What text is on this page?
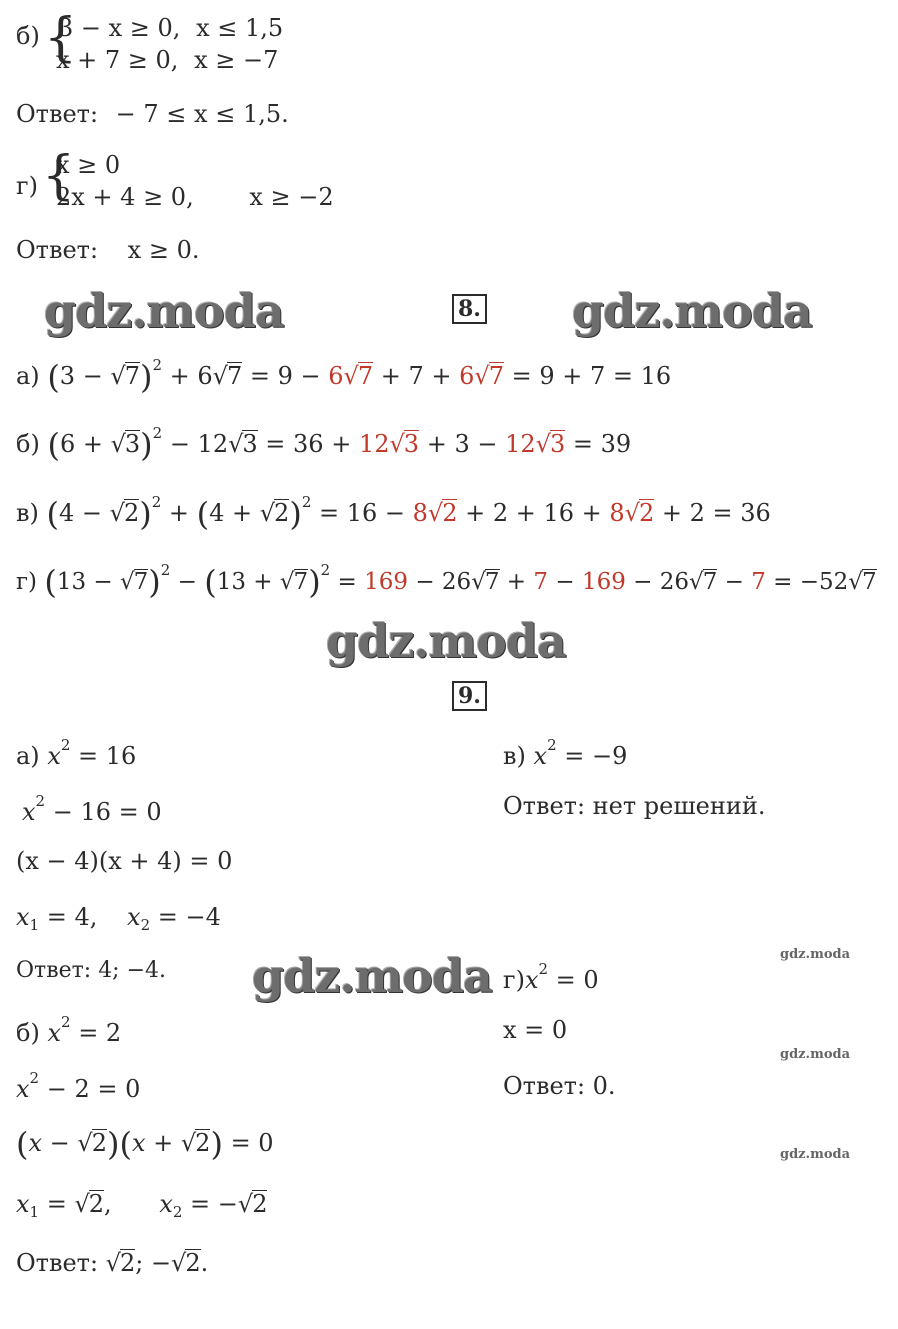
б) {
3 − x ≥ 0, x ≤ 1,5
x + 7 ≥ 0, x ≥ −7
Ответ: − 7 ≤ x ≤ 1,5.
г) {
x ≥ 0
2x + 4 ≥ 0, x ≥ −2
Ответ: x ≥ 0.
gdz.moda	8. gdz.moda
а) $(3 - √7)^2 + 6√7 = 9 - 6√7 + 7 + 6√7 = 9 + 7 = 16$
б) $(6 + √3)^2 - 12√3 = 36 + 12√3 + 3 - 12√3 = 39$
в) $(4 - √2)^2 + (4 + √2)^2 = 16 - 8√2 + 2 + 16 + 8√2 + 2 = 36$
г) $(13 - √7)^2 - (13 + √7)^2 = 169 - 26√7 + 7 - 169 - 26√7 - 7 = -52√7$
gdz.moda
9.
а) $x^2 = 16$
$x^2 - 16 = 0$
(x − 4)(x + 4) = 0
$x_1 = 4$, $x_2 = -4$
Ответ: 4; −4. gdz.moda
б) $x^2 = 2$
$x^2 - 2 = 0$
(x − √2)(x + √2) = 0
$x_1 = √2$, $x_2 = -√2$
Ответ: √2; −√2.
в) $x^2 = -9$
Ответ: нет решений.
gdz.moda
gdz.moda
gdz.moda
$г)x^2 = 0$
x = 0
Ответ: 0.
